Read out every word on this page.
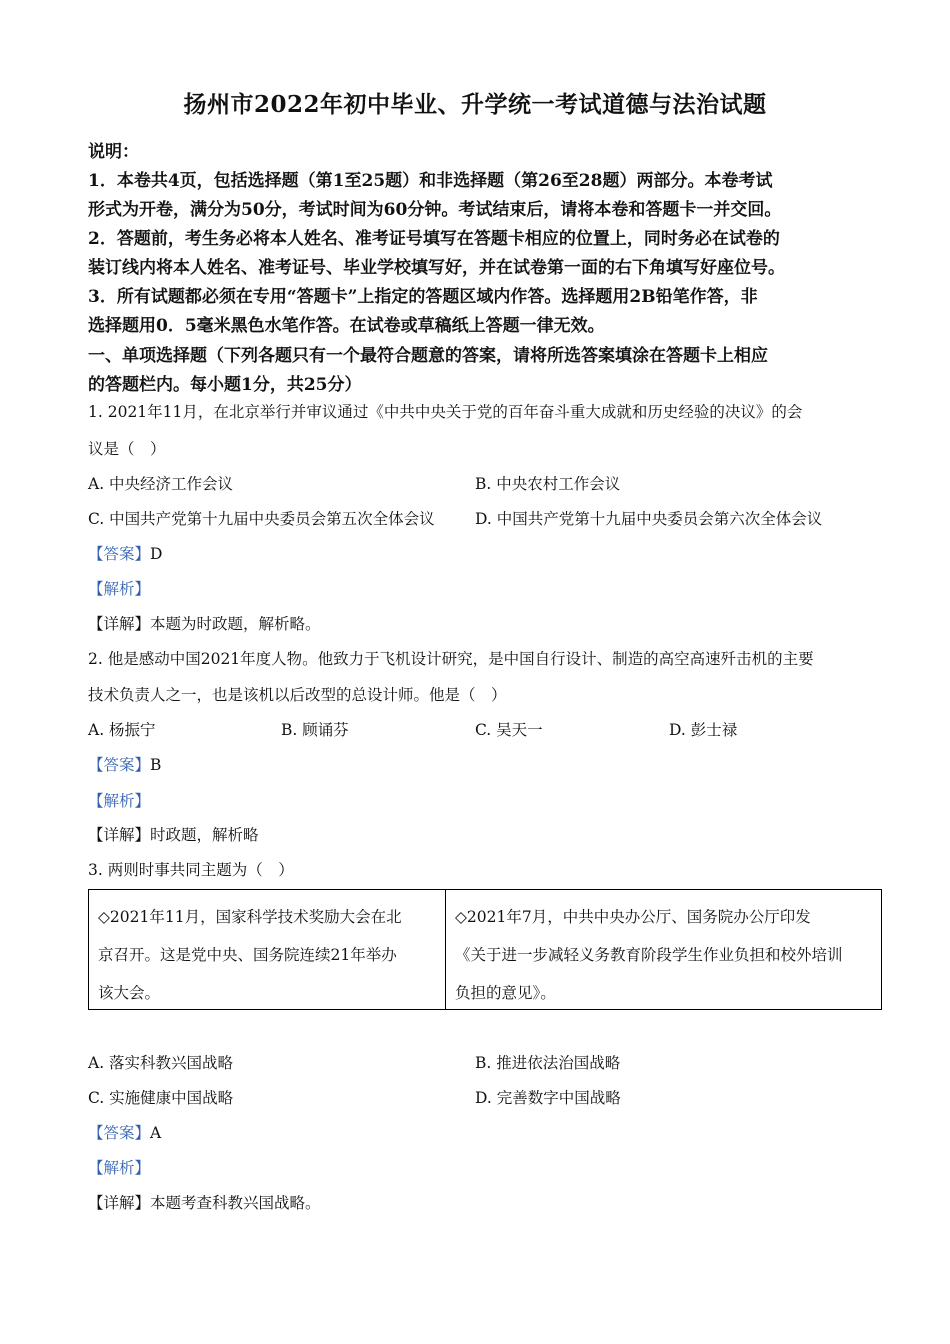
扬州市2022年初中毕业、升学统一考试道德与法治试题
说明：
1．本卷共4页，包括选择题（第1至25题）和非选择题（第26至28题）两部分。本卷考试
形式为开卷，满分为50分，考试时间为60分钟。考试结束后，请将本卷和答题卡一并交回。
2．答题前，考生务必将本人姓名、准考证号填写在答题卡相应的位置上，同时务必在试卷的
装订线内将本人姓名、准考证号、毕业学校填写好，并在试卷第一面的右下角填写好座位号。
3．所有试题都必须在专用“答题卡”上指定的答题区域内作答。选择题用2B铅笔作答，非
选择题用0．5毫米黑色水笔作答。在试卷或草稿纸上答题一律无效。
一、单项选择题（下列各题只有一个最符合题意的答案，请将所选答案填涂在答题卡上相应
的答题栏内。每小题1分，共25分）
1. 2021年11月，在北京举行并审议通过《中共中央关于党的百年奋斗重大成就和历史经验的决议》的会
议是（　）
A. 中央经济工作会议	B. 中央农村工作会议
C. 中国共产党第十九届中央委员会第五次全体会议	D. 中国共产党第十九届中央委员会第六次全体会议
【答案】D
【解析】
【详解】本题为时政题，解析略。
2. 他是感动中国2021年度人物。他致力于飞机设计研究，是中国自行设计、制造的高空高速歼击机的主要
技术负责人之一，也是该机以后改型的总设计师。他是（　）
A. 杨振宁	B. 顾诵芬	C. 吴天一	D. 彭士禄
【答案】B
【解析】
【详解】时政题，解析略
3. 两则时事共同主题为（　）
◇2021年11月，国家科学技术奖励大会在北
京召开。这是党中央、国务院连续21年举办
该大会。
◇2021年7月，中共中央办公厅、国务院办公厅印发
《关于进一步减轻义务教育阶段学生作业负担和校外培训
负担的意见》。
A. 落实科教兴国战略	B. 推进依法治国战略
C. 实施健康中国战略	D. 完善数字中国战略
【答案】A
【解析】
【详解】本题考查科教兴国战略。
